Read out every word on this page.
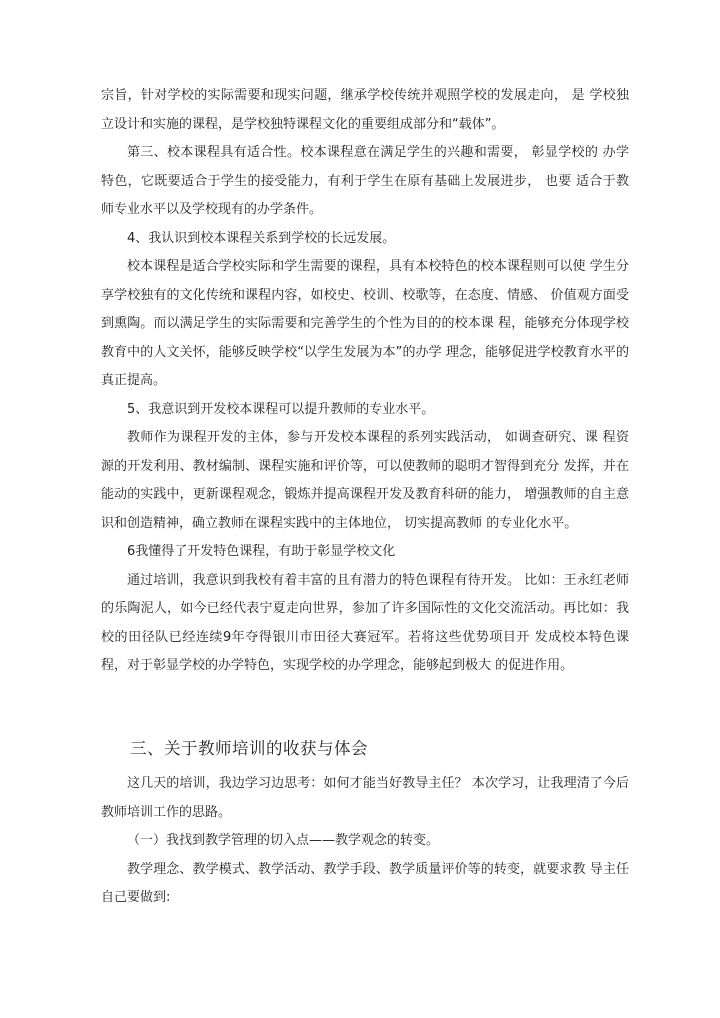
宗旨，针对学校的实际需要和现实问题，继承学校传统并观照学校的发展走向， 是 学校独立设计和实施的课程，是学校独特课程文化的重要组成部分和“载体”。

第三、校本课程具有适合性。校本课程意在满足学生的兴趣和需要， 彰显学校的 办学特色，它既要适合于学生的接受能力，有利于学生在原有基础上发展进步， 也要 适合于教师专业水平以及学校现有的办学条件。

4、我认识到校本课程关系到学校的长远发展。

校本课程是适合学校实际和学生需要的课程，具有本校特色的校本课程则可以使 学生分享学校独有的文化传统和课程内容，如校史、校训、校歌等，在态度、情感、 价值观方面受到熏陶。而以满足学生的实际需要和完善学生的个性为目的的校本课 程，能够充分体现学校教育中的人文关怀，能够反映学校“以学生发展为本”的办学 理念，能够促进学校教育水平的真正提高。

5、我意识到开发校本课程可以提升教师的专业水平。

教师作为课程开发的主体，参与开发校本课程的系列实践活动， 如调查研究、课 程资源的开发利用、教材编制、课程实施和评价等，可以使教师的聪明才智得到充分 发挥，并在能动的实践中，更新课程观念，锻炼并提高课程开发及教育科研的能力， 增强教师的自主意识和创造精神，确立教师在课程实践中的主体地位， 切实提高教师 的专业化水平。

6我懂得了开发特色课程，有助于彰显学校文化

通过培训，我意识到我校有着丰富的且有潜力的特色课程有待开发。 比如：王永红老师的乐陶泥人，如今已经代表宁夏走向世界，参加了许多国际性的文化交流活动。再比如：我校的田径队已经连续9年夺得银川市田径大赛冠军。若将这些优势项目开 发成校本特色课程，对于彰显学校的办学特色，实现学校的办学理念，能够起到极大 的促进作用。

三、关于教师培训的收获与体会

这几天的培训，我边学习边思考：如何才能当好教导主任？ 本次学习，让我理清了今后教师培训工作的思路。

（一）我找到教学管理的切入点——教学观念的转变。

教学理念、教学模式、教学活动、教学手段、教学质量评价等的转变，就要求教 导主任自己要做到:
